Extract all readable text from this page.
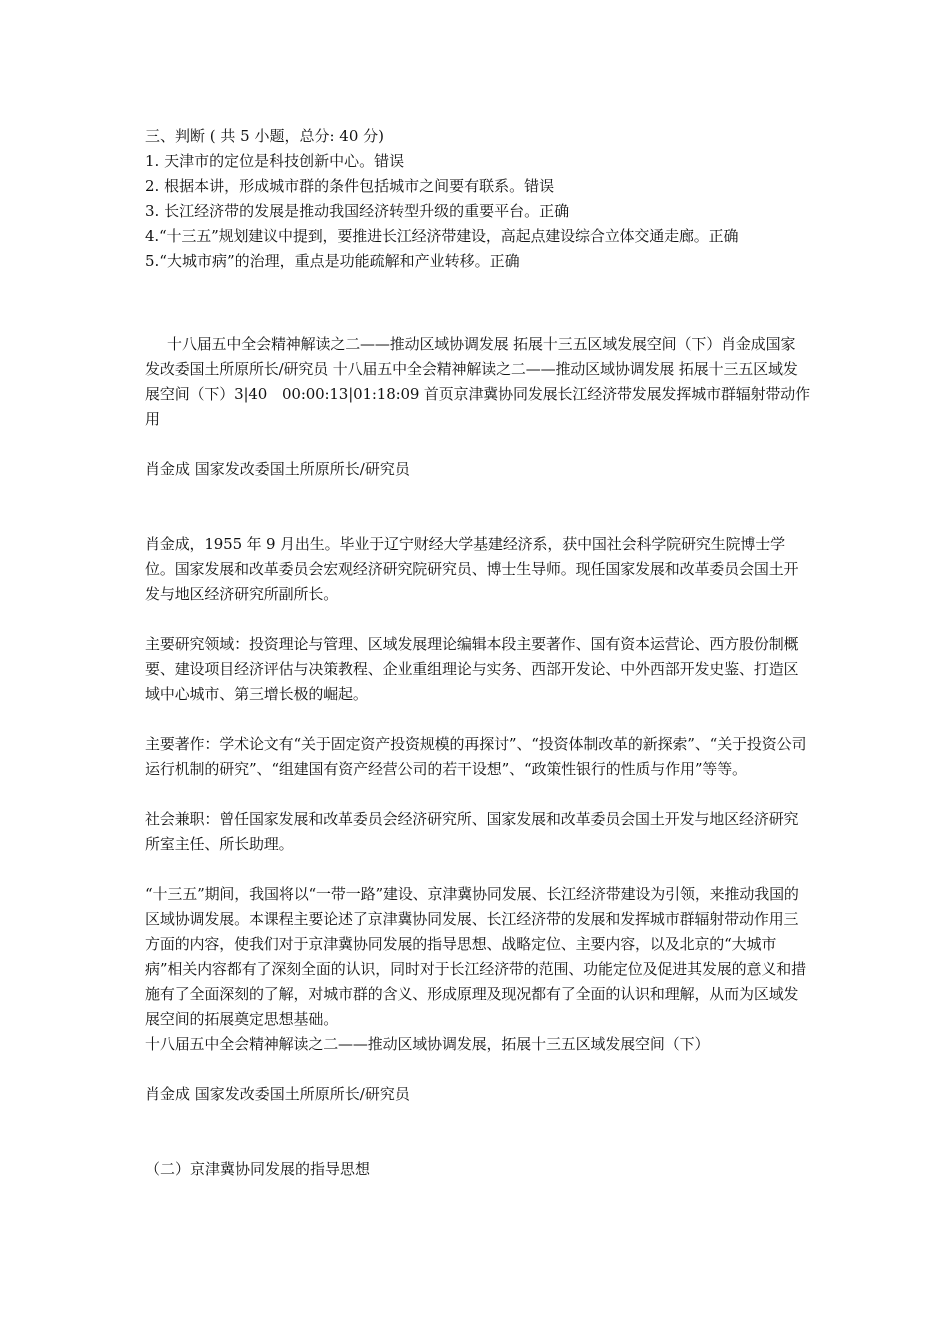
三、判断 ( 共 5 小题，总分: 40 分)

1. 天津市的定位是科技创新中心。错误

2. 根据本讲，形成城市群的条件包括城市之间要有联系。错误

3. 长江经济带的发展是推动我国经济转型升级的重要平台。正确

4.“十三五”规划建议中提到，要推进长江经济带建设，高起点建设综合立体交通走廊。正确

5.“大城市病”的治理，重点是功能疏解和产业转移。正确

十八届五中全会精神解读之二——推动区域协调发展 拓展十三五区域发展空间（下）肖金成国家发改委国土所原所长/研究员 十八届五中全会精神解读之二——推动区域协调发展 拓展十三五区域发展空间（下）3|40　00:00:13|01:18:09 首页京津冀协同发展长江经济带发展发挥城市群辐射带动作用

肖金成 国家发改委国土所原所长/研究员

肖金成，1955 年 9 月出生。毕业于辽宁财经大学基建经济系，获中国社会科学院研究生院博士学位。国家发展和改革委员会宏观经济研究院研究员、博士生导师。现任国家发展和改革委员会国土开发与地区经济研究所副所长。

主要研究领域：投资理论与管理、区域发展理论编辑本段主要著作、国有资本运营论、西方股份制概要、建设项目经济评估与决策教程、企业重组理论与实务、西部开发论、中外西部开发史鉴、打造区域中心城市、第三增长极的崛起。

主要著作：学术论文有“关于固定资产投资规模的再探讨”、“投资体制改革的新探索”、“关于投资公司运行机制的研究”、“组建国有资产经营公司的若干设想”、“政策性银行的性质与作用”等等。

社会兼职：曾任国家发展和改革委员会经济研究所、国家发展和改革委员会国土开发与地区经济研究所室主任、所长助理。

“十三五”期间，我国将以“一带一路”建设、京津冀协同发展、长江经济带建设为引领，来推动我国的区域协调发展。本课程主要论述了京津冀协同发展、长江经济带的发展和发挥城市群辐射带动作用三方面的内容，使我们对于京津冀协同发展的指导思想、战略定位、主要内容，以及北京的“大城市病”相关内容都有了深刻全面的认识，同时对于长江经济带的范围、功能定位及促进其发展的意义和措施有了全面深刻的了解，对城市群的含义、形成原理及现况都有了全面的认识和理解，从而为区域发展空间的拓展奠定思想基础。

十八届五中全会精神解读之二——推动区域协调发展，拓展十三五区域发展空间（下）

肖金成 国家发改委国土所原所长/研究员

（二）京津冀协同发展的指导思想
